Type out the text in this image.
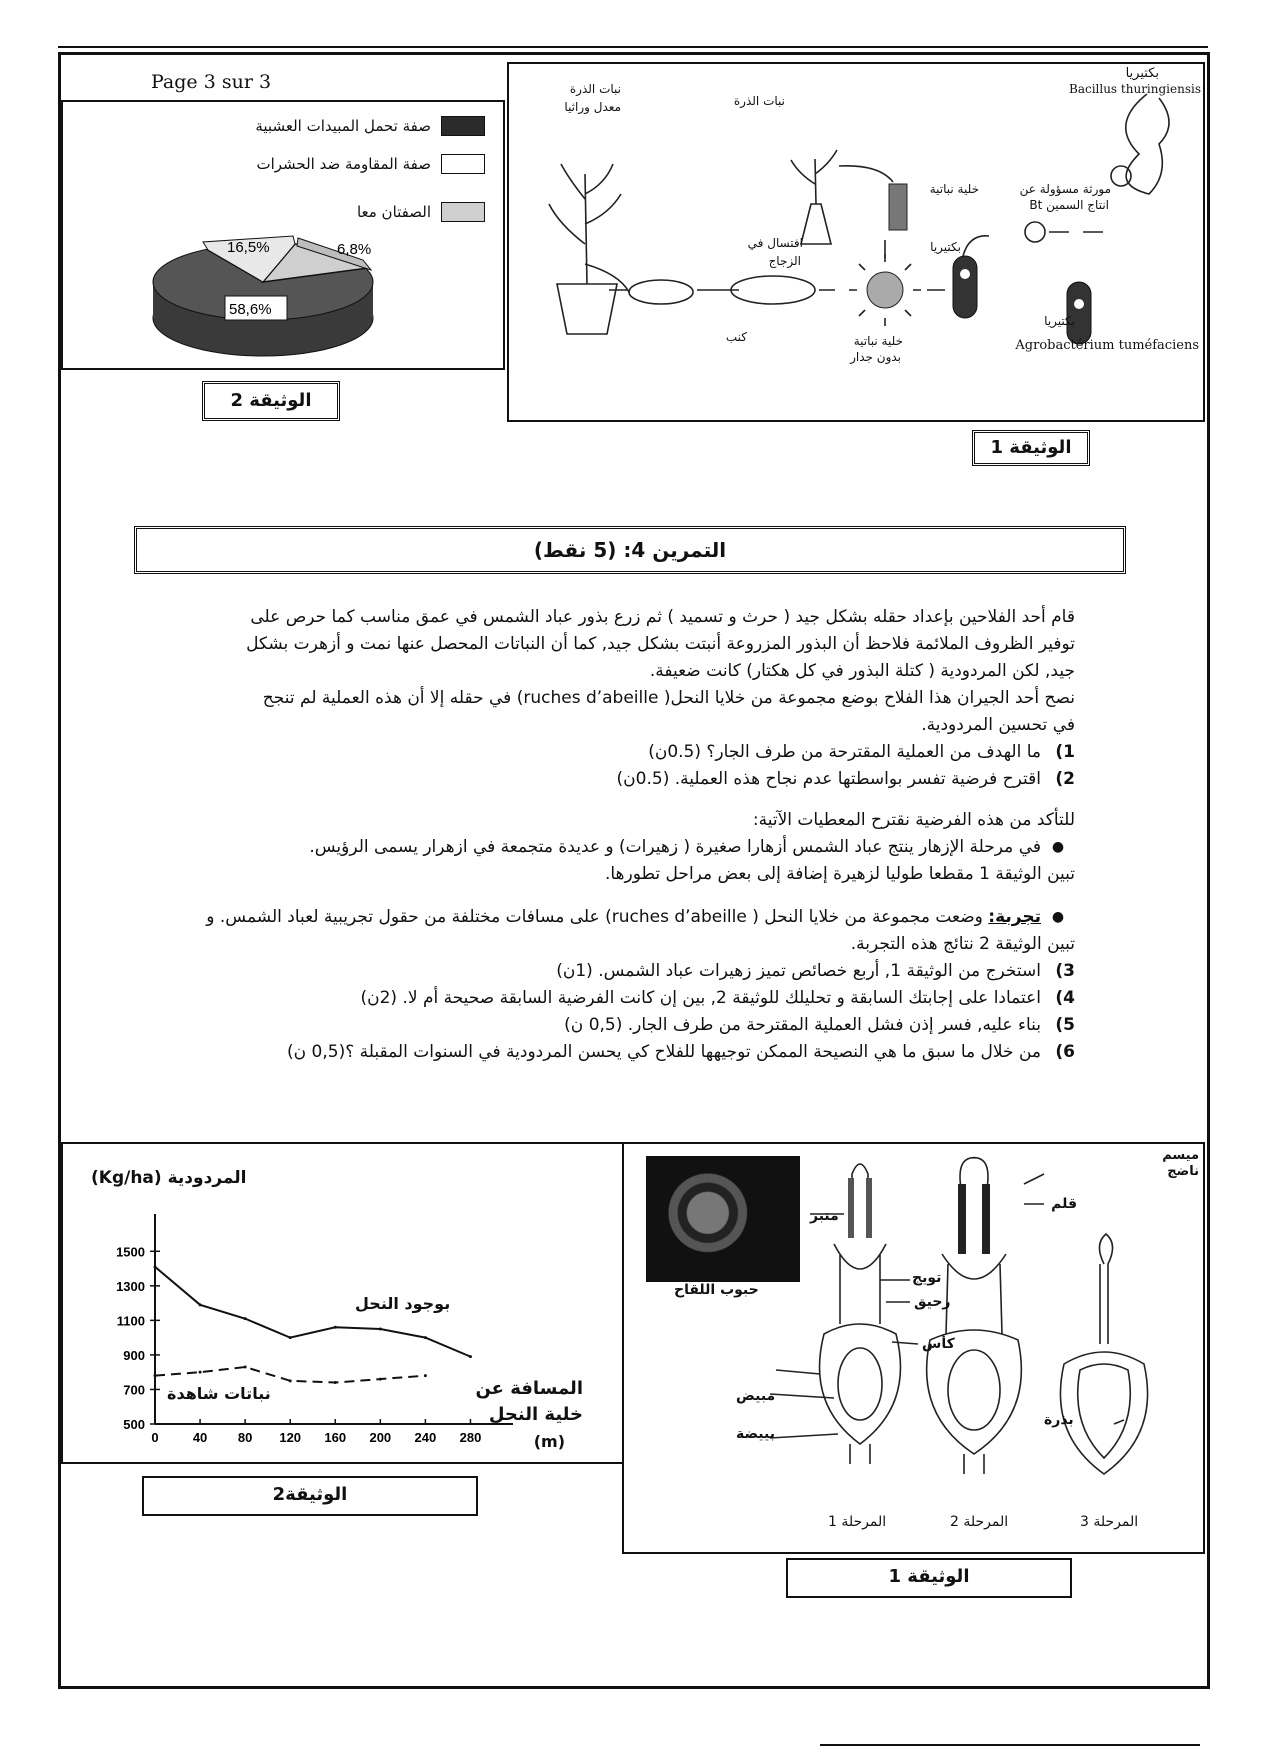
Page 3 sur 3
صفة تحمل المبيدات العشبية
صفة المقاومة ضد الحشرات
الصفتان معا
16,5%	6,8%
58,6%
الوثيقة 2
بكتيريا
Bacillus thuringiensis
مورثة مسؤولة عن
انتاج السمين Bt
بكتيريا
Agrobactérium tuméfaciens
بكتيريا
خلية نباتية
نبات الذرة
نبات الذرة
معدل وراثيا
افتسال في
الزجاج
خلية نباتية
بدون جدار
كنب
الوثيقة 1
التمرين 4: (5 نقط)

قام أحد الفلاحين بإعداد حقله بشكل جيد ( حرث و تسميد ) ثم زرع بذور عباد الشمس في عمق مناسب كما حرص على

توفير الظروف الملائمة فلاحظ أن البذور المزروعة أنبتت بشكل جيد, كما أن النباتات المحصل عنها نمت و أزهرت بشكل

جيد, لكن المردودية ( كتلة البذور في كل هكتار) كانت ضعيفة.

نصح أحد الجيران هذا الفلاح بوضع مجموعة من خلايا النحل( ruches d’abeille) في حقله إلا أن هذه العملية لم تنجح

في تحسين المردودية.

1)
ما الهدف من العملية المقترحة من طرف الجار؟ (0.5ن)
2)
اقترح فرضية تفسر بواسطتها عدم نجاح هذه العملية. (0.5ن)

للتأكد من هذه الفرضية نقترح المعطيات الآتية:

●
في مرحلة الإزهار ينتج عباد الشمس أزهارا صغيرة ( زهيرات) و عديدة متجمعة في ازهرار يسمى الرؤيس.

تبين الوثيقة 1 مقطعا طوليا لزهيرة إضافة إلى بعض مراحل تطورها.

●
تجربة: وضعت مجموعة من خلايا النحل ( ruches d’abeille) على مسافات مختلفة من حقول تجريبية لعباد الشمس. و

تبين الوثيقة 2 نتائج هذه التجربة.

3)
استخرج من الوثيقة 1, أربع خصائص تميز زهيرات عباد الشمس. (1ن)
4)
اعتمادا على إجابتك السابقة و تحليلك للوثيقة 2, بين إن كانت الفرضية السابقة صحيحة أم لا. (2ن)
5)
بناء عليه, فسر إذن فشل العملية المقترحة من طرف الجار. (0,5 ن)
6)
من خلال ما سبق ما هي النصيحة الممكن توجيهها للفلاح كي يحسن المردودية في السنوات المقبلة ؟(0,5 ن)
0	40 80 120 160 200 240 280
500
700
900
1100
1300
1500
المردودية (Kg/ha)
المسافة عن
خلية النحل
(m)
بوجود النحل
نباتات شاهدة
الوثيقة2
حبوب اللقاح
ميسم
ناضج
قلم
متبر
تويج
رحيق
كأس
مبيض
بييضة
بذرة
المرحلة 1	المرحلة 2	المرحلة 3
الوثيقة 1
